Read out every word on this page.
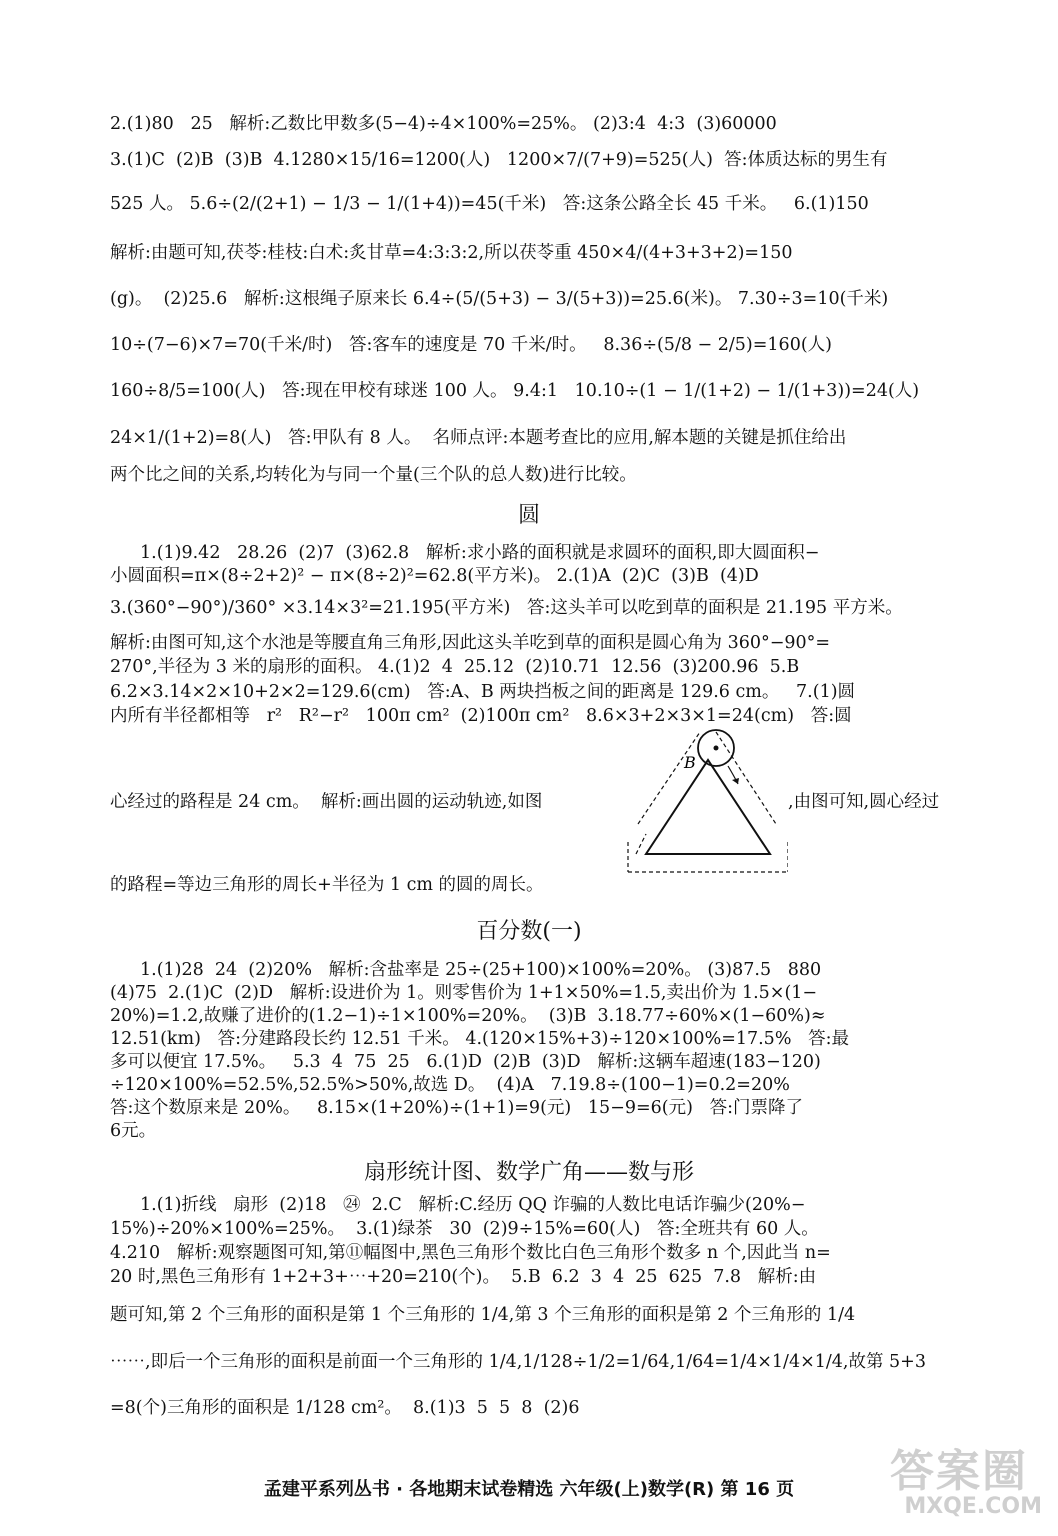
2.(1)80   25   解析:乙数比甲数多(5−4)÷4×100%=25%。 (2)3:4  4:3  (3)60000
3.(1)C  (2)B  (3)B  4.1280×15/16=1200(人)   1200×7/(7+9)=525(人)  答:体质达标的男生有
525 人。 5.6÷(2/(2+1) − 1/3 − 1/(1+4))=45(千米)   答:这条公路全长 45 千米。   6.(1)150
解析:由题可知,茯苓:桂枝:白术:炙甘草=4:3:3:2,所以茯苓重 450×4/(4+3+3+2)=150
(g)。  (2)25.6   解析:这根绳子原来长 6.4÷(5/(5+3) − 3/(5+3))=25.6(米)。 7.30÷3=10(千米)
10÷(7−6)×7=70(千米/时)   答:客车的速度是 70 千米/时。   8.36÷(5/8 − 2/5)=160(人)
160÷8/5=100(人)   答:现在甲校有球迷 100 人。 9.4:1   10.10÷(1 − 1/(1+2) − 1/(1+3))=24(人)
24×1/(1+2)=8(人)   答:甲队有 8 人。  名师点评:本题考查比的应用,解本题的关键是抓住给出
两个比之间的关系,均转化为与同一个量(三个队的总人数)进行比较。
圆
1.(1)9.42   28.26  (2)7  (3)62.8   解析:求小路的面积就是求圆环的面积,即大圆面积−
小圆面积=π×(8÷2+2)² − π×(8÷2)²=62.8(平方米)。 2.(1)A  (2)C  (3)B  (4)D
3.(360°−90°)/360° ×3.14×3²=21.195(平方米)   答:这头羊可以吃到草的面积是 21.195 平方米。
解析:由图可知,这个水池是等腰直角三角形,因此这头羊吃到草的面积是圆心角为 360°−90°=
270°,半径为 3 米的扇形的面积。 4.(1)2  4  25.12  (2)10.71  12.56  (3)200.96  5.B
6.2×3.14×2×10+2×2=129.6(cm)   答:A、B 两块挡板之间的距离是 129.6 cm。   7.(1)圆
内所有半径都相等   r²   R²−r²   100π cm²  (2)100π cm²   8.6×3+2×3×1=24(cm)   答:圆
心经过的路程是 24 cm。  解析:画出圆的运动轨迹,如图
B
,由图可知,圆心经过
的路程=等边三角形的周长+半径为 1 cm 的圆的周长。
百分数(一)
1.(1)28  24  (2)20%   解析:含盐率是 25÷(25+100)×100%=20%。 (3)87.5   880
(4)75  2.(1)C  (2)D   解析:设进价为 1。则零售价为 1+1×50%=1.5,卖出价为 1.5×(1−
20%)=1.2,故赚了进价的(1.2−1)÷1×100%=20%。  (3)B  3.18.77÷60%×(1−60%)≈
12.51(km)   答:分建路段长约 12.51 千米。 4.(120×15%+3)÷120×100%=17.5%   答:最
多可以便宜 17.5%。   5.3  4  75  25   6.(1)D  (2)B  (3)D   解析:这辆车超速(183−120)
÷120×100%=52.5%,52.5%>50%,故选 D。  (4)A   7.19.8÷(100−1)=0.2=20%
答:这个数原来是 20%。   8.15×(1+20%)÷(1+1)=9(元)   15−9=6(元)   答:门票降了
6元。
扇形统计图、数学广角——数与形
1.(1)折线   扇形  (2)18   ㉔  2.C   解析:C.经历 QQ 诈骗的人数比电话诈骗少(20%−
15%)÷20%×100%=25%。  3.(1)绿茶   30  (2)9÷15%=60(人)   答:全班共有 60 人。
4.210   解析:观察题图可知,第⑪幅图中,黑色三角形个数比白色三角形个数多 n 个,因此当 n=
20 时,黑色三角形有 1+2+3+⋯+20=210(个)。  5.B  6.2  3  4  25  625  7.8   解析:由
题可知,第 2 个三角形的面积是第 1 个三角形的 1/4,第 3 个三角形的面积是第 2 个三角形的 1/4
⋯⋯,即后一个三角形的面积是前面一个三角形的 1/4,1/128÷1/2=1/64,1/64=1/4×1/4×1/4,故第 5+3
=8(个)三角形的面积是 1/128 cm²。  8.(1)3  5  5  8  (2)6
孟建平系列丛书 · 各地期末试卷精选 六年级(上)数学(R) 第 16 页	答案圈
MXQE.COM
